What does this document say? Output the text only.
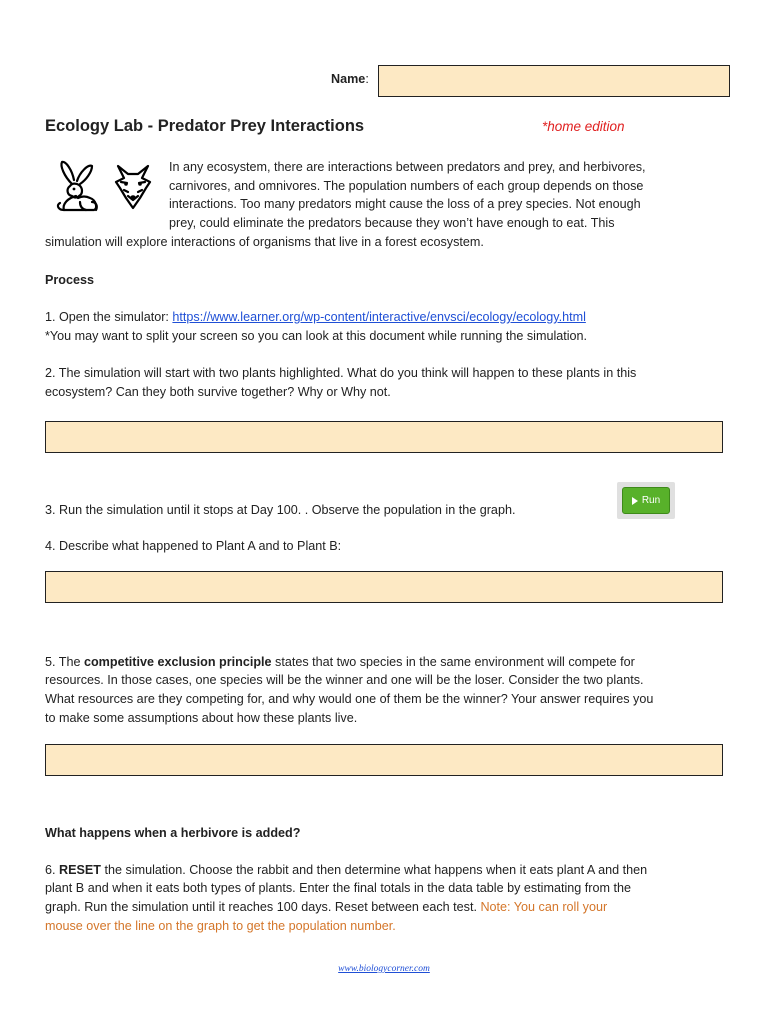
Name:
Ecology Lab - Predator Prey Interactions	*home edition
In any ecosystem, there are interactions between predators and prey, and herbivores,
carnivores, and omnivores. The population numbers of each group depends on those
interactions. Too many predators might cause the loss of a prey species. Not enough
prey, could eliminate the predators because they won’t have enough to eat. This
simulation will explore interactions of organisms that live in a forest ecosystem.
Process
1. Open the simulator: https://www.learner.org/wp-content/interactive/envsci/ecology/ecology.html
*You may want to split your screen so you can look at this document while running the simulation.
2. The simulation will start with two plants highlighted. What do you think will happen to these plants in this
ecosystem? Can they both survive together? Why or Why not.
3. Run the simulation until it stops at Day 100. . Observe the population in the graph.
Run
4. Describe what happened to Plant A and to Plant B:
5. The competitive exclusion principle states that two species in the same environment will compete for
resources. In those cases, one species will be the winner and one will be the loser. Consider the two plants.
What resources are they competing for, and why would one of them be the winner? Your answer requires you
to make some assumptions about how these plants live.
What happens when a herbivore is added?
6. RESET the simulation. Choose the rabbit and then determine what happens when it eats plant A and then
plant B and when it eats both types of plants. Enter the final totals in the data table by estimating from the
graph. Run the simulation until it reaches 100 days. Reset between each test. Note: You can roll your
mouse over the line on the graph to get the population number.
www.biologycorner.com
